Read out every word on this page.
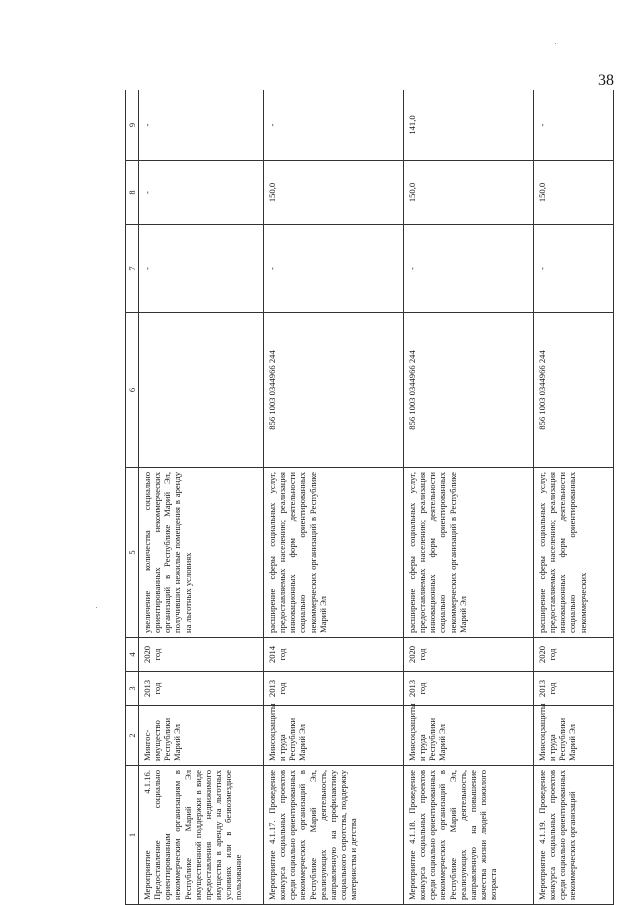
38
1	2	3	4	5	6	7	8	9
Мероприятие 4.1.16. Предоставление социально ориентированным некоммерческим организациям в Республике Марий Эл имущественной поддержки в виде предоставления недвижимого имущества в аренду на льготных условиях или в безвозмездное пользование	Мингос-имущество Республики Марий Эл	2013 год	2020 год	увеличение количества социально ориентированных некоммерческих организаций в Республике Марий Эл, получивших нежилые помещения в аренду на льготных условиях		-	-	-
Мероприятие 4.1.17. Проведение конкурса социальных проектов среди социально ориентированных некоммерческих организаций в Республике Марий Эл, реализующих деятельность, направленную на профилактику социального сиротства, поддержку материнства и детства	Минсоцзащиты и труда Республики Марий Эл	2013 год	2014 год	расширение сферы социальных услуг, предоставляемых населению; реализация инновационных форм деятельности социально ориентированных некоммерческих организаций в Республике Марий Эл	856 1003 0344966 244	-	150,0	-
Мероприятие 4.1.18. Проведение конкурса социальных проектов среди социально ориентированных некоммерческих организаций в Республике Марий Эл, реализующих деятельность, направленную на повышение качества жизни людей пожилого возраста	Минсоцзащиты и труда Республики Марий Эл	2013 год	2020 год	расширение сферы социальных услуг, предоставляемых населению; реализация инновационных форм деятельности социально ориентированных некоммерческих организаций в Республике Марий Эл	856 1003 0344966 244	-	150,0	141,0
Мероприятие 4.1.19. Проведение конкурса социальных проектов среди социально ориентированных некоммерческих организаций	Минсоцзащиты и труда Республики Марий Эл	2013 год	2020 год	расширение сферы социальных услуг, предоставляемых населению; реализация инновационных форм деятельности социально ориентированных некоммерческих	856 1003 0344966 244	-	150,0	-
